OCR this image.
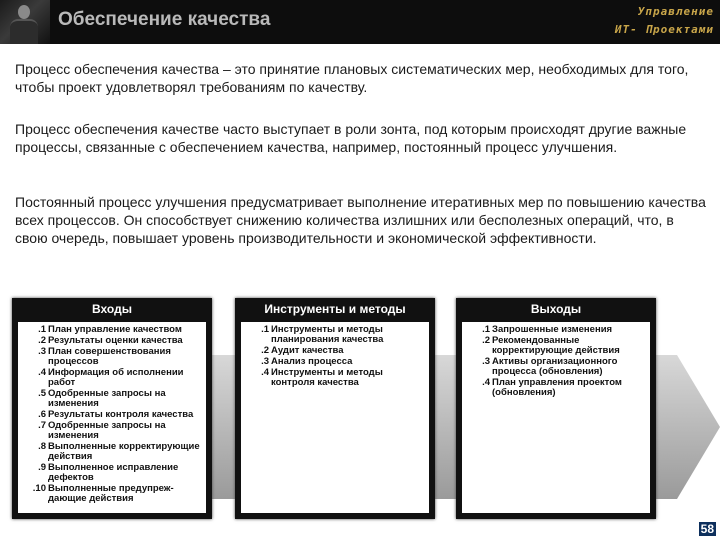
Обеспечение качества	Управление
ИТ- Проектами
Процесс обеспечения качества – это принятие плановых систематических мер, необходимых для того, чтобы проект удовлетворял требованиям по качеству.
Процесс обеспечения качестве часто выступает в роли зонта, под которым происходят другие важные процессы, связанные с обеспечением качества, например, постоянный процесс улучшения.
Постоянный процесс улучшения предусматривает выполнение итеративных мер по повышению качества всех процессов. Он способствует снижению количества излишних или бесполезных операций, что, в свою очередь, повышает уровень производительности и экономической эффективности.
Входы
.1 План управление качеством
.2 Результаты оценки качества
.3 План совершенствования процессов
.4 Информация об исполнении работ
.5 Одобренные запросы на изменения
.6 Результаты контроля качества
.7 Одобренные запросы на изменения
.8 Выполненные корректирующие действия
.9 Выполненное исправление дефектов
.10 Выполненные предупреж-дающие действия
Инструменты и методы
.1 Инструменты и методы планирования качества
.2 Аудит качества
.3 Анализ процесса
.4 Инструменты и методы контроля качества
Выходы
.1 Запрошенные изменения
.2 Рекомендованные корректирующие действия
.3 Активы организационного процесса (обновления)
.4 План управления проектом (обновления)
58
